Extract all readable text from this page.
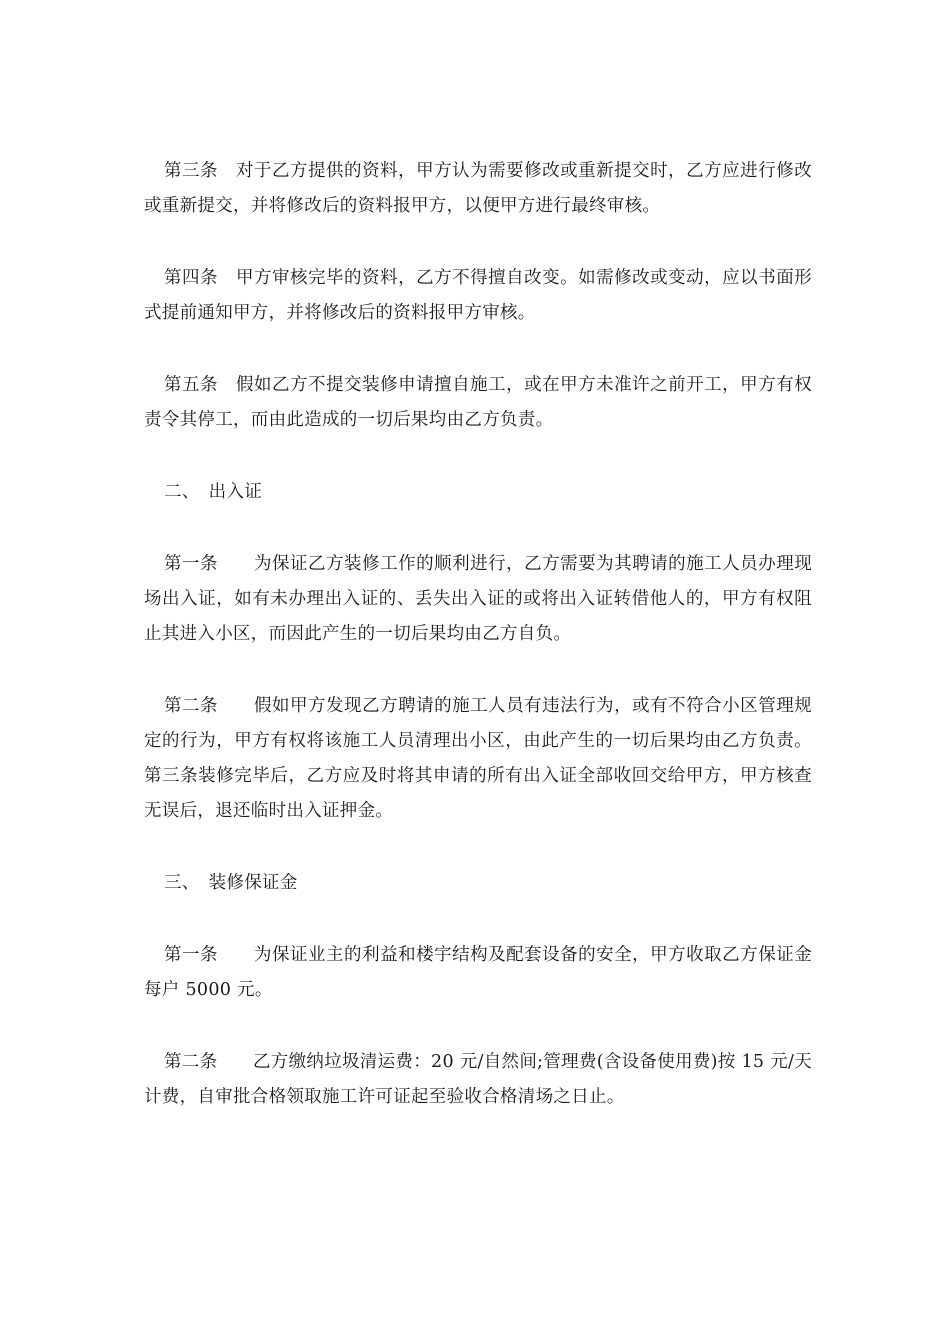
第三条　对于乙方提供的资料，甲方认为需要修改或重新提交时，乙方应进行修改或重新提交，并将修改后的资料报甲方，以便甲方进行最终审核。

第四条　甲方审核完毕的资料，乙方不得擅自改变。如需修改或变动，应以书面形式提前通知甲方，并将修改后的资料报甲方审核。

第五条　假如乙方不提交装修申请擅自施工，或在甲方未准许之前开工，甲方有权责令其停工，而由此造成的一切后果均由乙方负责。

二、　出入证

第一条　　为保证乙方装修工作的顺利进行，乙方需要为其聘请的施工人员办理现场出入证，如有未办理出入证的、丢失出入证的或将出入证转借他人的，甲方有权阻止其进入小区，而因此产生的一切后果均由乙方自负。

第二条　　假如甲方发现乙方聘请的施工人员有违法行为，或有不符合小区管理规定的行为，甲方有权将该施工人员清理出小区，由此产生的一切后果均由乙方负责。第三条装修完毕后，乙方应及时将其申请的所有出入证全部收回交给甲方，甲方核查无误后，退还临时出入证押金。

三、　装修保证金

第一条　　为保证业主的利益和楼宇结构及配套设备的安全，甲方收取乙方保证金每户 5000 元。

第二条　　乙方缴纳垃圾清运费：20 元/自然间;管理费(含设备使用费)按 15 元/天计费，自审批合格领取施工许可证起至验收合格清场之日止。
